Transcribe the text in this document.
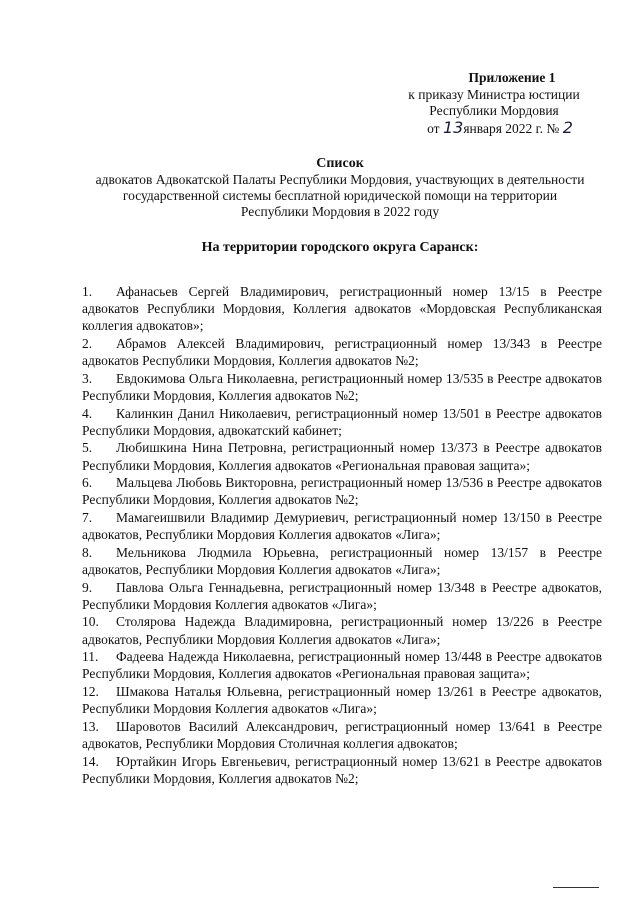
Приложение 1
к приказу Министра юстиции
Республики Мордовия
от 13января 2022 г. № 2
Список
адвокатов Адвокатской Палаты Республики Мордовия, участвующих в деятельности государственной системы бесплатной юридической помощи на территории Республики Мордовия в 2022 году
На территории городского округа Саранск:
1. Афанасьев Сергей Владимирович, регистрационный номер 13/15 в Реестре адвокатов Республики Мордовия, Коллегия адвокатов «Мордовская Республиканская коллегия адвокатов»;
2. Абрамов Алексей Владимирович, регистрационный номер 13/343 в Реестре адвокатов Республики Мордовия, Коллегия адвокатов №2;
3. Евдокимова Ольга Николаевна, регистрационный номер 13/535 в Реестре адвокатов Республики Мордовия, Коллегия адвокатов №2;
4. Калинкин Данил Николаевич, регистрационный номер 13/501 в Реестре адвокатов Республики Мордовия, адвокатский кабинет;
5. Любишкина Нина Петровна, регистрационный номер 13/373 в Реестре адвокатов Республики Мордовия, Коллегия адвокатов «Региональная правовая защита»;
6. Мальцева Любовь Викторовна, регистрационный номер 13/536 в Реестре адвокатов Республики Мордовия, Коллегия адвокатов №2;
7. Мамагеишвили Владимир Демуриевич, регистрационный номер 13/150 в Реестре адвокатов, Республики Мордовия Коллегия адвокатов «Лига»;
8. Мельникова Людмила Юрьевна, регистрационный номер 13/157 в Реестре адвокатов, Республики Мордовия Коллегия адвокатов «Лига»;
9. Павлова Ольга Геннадьевна, регистрационный номер 13/348 в Реестре адвокатов, Республики Мордовия Коллегия адвокатов «Лига»;
10. Столярова Надежда Владимировна, регистрационный номер 13/226 в Реестре адвокатов, Республики Мордовия Коллегия адвокатов «Лига»;
11. Фадеева Надежда Николаевна, регистрационный номер 13/448 в Реестре адвокатов Республики Мордовия, Коллегия адвокатов «Региональная правовая защита»;
12. Шмакова Наталья Юльевна, регистрационный номер 13/261 в Реестре адвокатов, Республики Мордовия Коллегия адвокатов «Лига»;
13. Шаровотов Василий Александрович, регистрационный номер 13/641 в Реестре адвокатов, Республики Мордовия Столичная коллегия адвокатов;
14. Юртайкин Игорь Евгеньевич, регистрационный номер 13/621 в Реестре адвокатов Республики Мордовия, Коллегия адвокатов №2;
